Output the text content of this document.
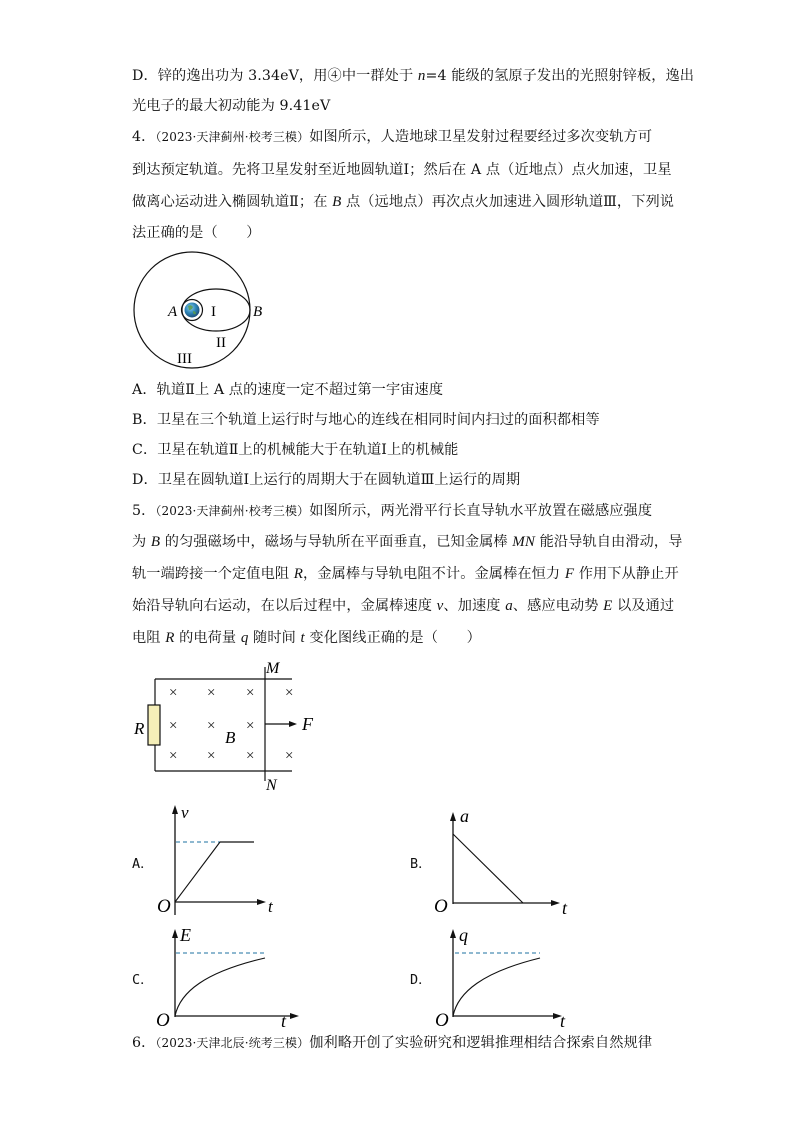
D．锌的逸出功为 3.34eV，用④中一群处于 n=4 能级的氢原子发出的光照射锌板，逸出
光电子的最大初动能为 9.41eV
4．（2023·天津蓟州·校考三模）如图所示，人造地球卫星发射过程要经过多次变轨方可
到达预定轨道。先将卫星发射至近地圆轨道Ⅰ；然后在 A 点（近地点）点火加速，卫星
做离心运动进入椭圆轨道Ⅱ；在 B 点（远地点）再次点火加速进入圆形轨道Ⅲ，下列说
法正确的是（　　）
A I B
II
III
A．轨道Ⅱ上 A 点的速度一定不超过第一宇宙速度
B．卫星在三个轨道上运行时与地心的连线在相同时间内扫过的面积都相等
C．卫星在轨道Ⅱ上的机械能大于在轨道Ⅰ上的机械能
D．卫星在圆轨道Ⅰ上运行的周期大于在圆轨道Ⅲ上运行的周期
5．（2023·天津蓟州·校考三模）如图所示，两光滑平行长直导轨水平放置在磁感应强度
为 B 的匀强磁场中，磁场与导轨所在平面垂直，已知金属棒 MN 能沿导轨自由滑动，导
轨一端跨接一个定值电阻 R，金属棒与导轨电阻不计。金属棒在恒力 F 作用下从静止开
始沿导轨向右运动，在以后过程中，金属棒速度 v、加速度 a、感应电动势 E 以及通过
电阻 R 的电荷量 q 随时间 t 变化图线正确的是（　　）
R
M
N
F
B
× × × ×
× × ×
× × × ×
A．
v
t
O
B．
a
t
O
C．
E
t
O
D．
q
t
O
6．（2023·天津北辰·统考三模）伽利略开创了实验研究和逻辑推理相结合探索自然规律
